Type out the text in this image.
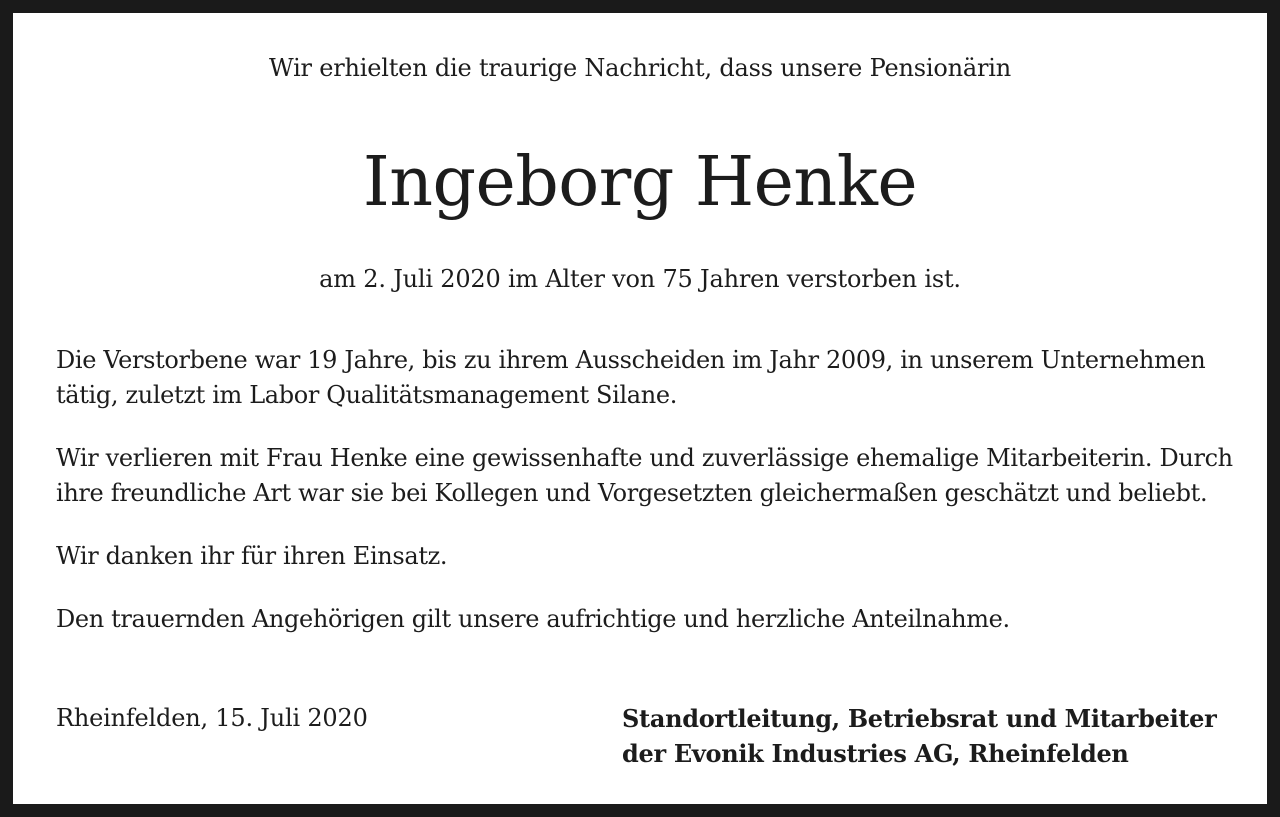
Wir erhielten die traurige Nachricht, dass unsere Pensionärin
Ingeborg Henke
am 2. Juli 2020 im Alter von 75 Jahren verstorben ist.

Die Verstorbene war 19 Jahre, bis zu ihrem Ausscheiden im Jahr 2009, in unserem Unternehmen tätig, zuletzt im Labor Qualitätsmanagement Silane.

Wir verlieren mit Frau Henke eine gewissenhafte und zuverlässige ehemalige Mitarbeiterin. Durch ihre freundliche Art war sie bei Kollegen und Vorgesetzten gleichermaßen geschätzt und beliebt.

Wir danken ihr für ihren Einsatz.

Den trauernden Angehörigen gilt unsere aufrichtige und herzliche Anteilnahme.

Rheinfelden, 15. Juli 2020	Standortleitung, Betriebsrat und Mitarbeiter
der Evonik Industries AG, Rheinfelden
